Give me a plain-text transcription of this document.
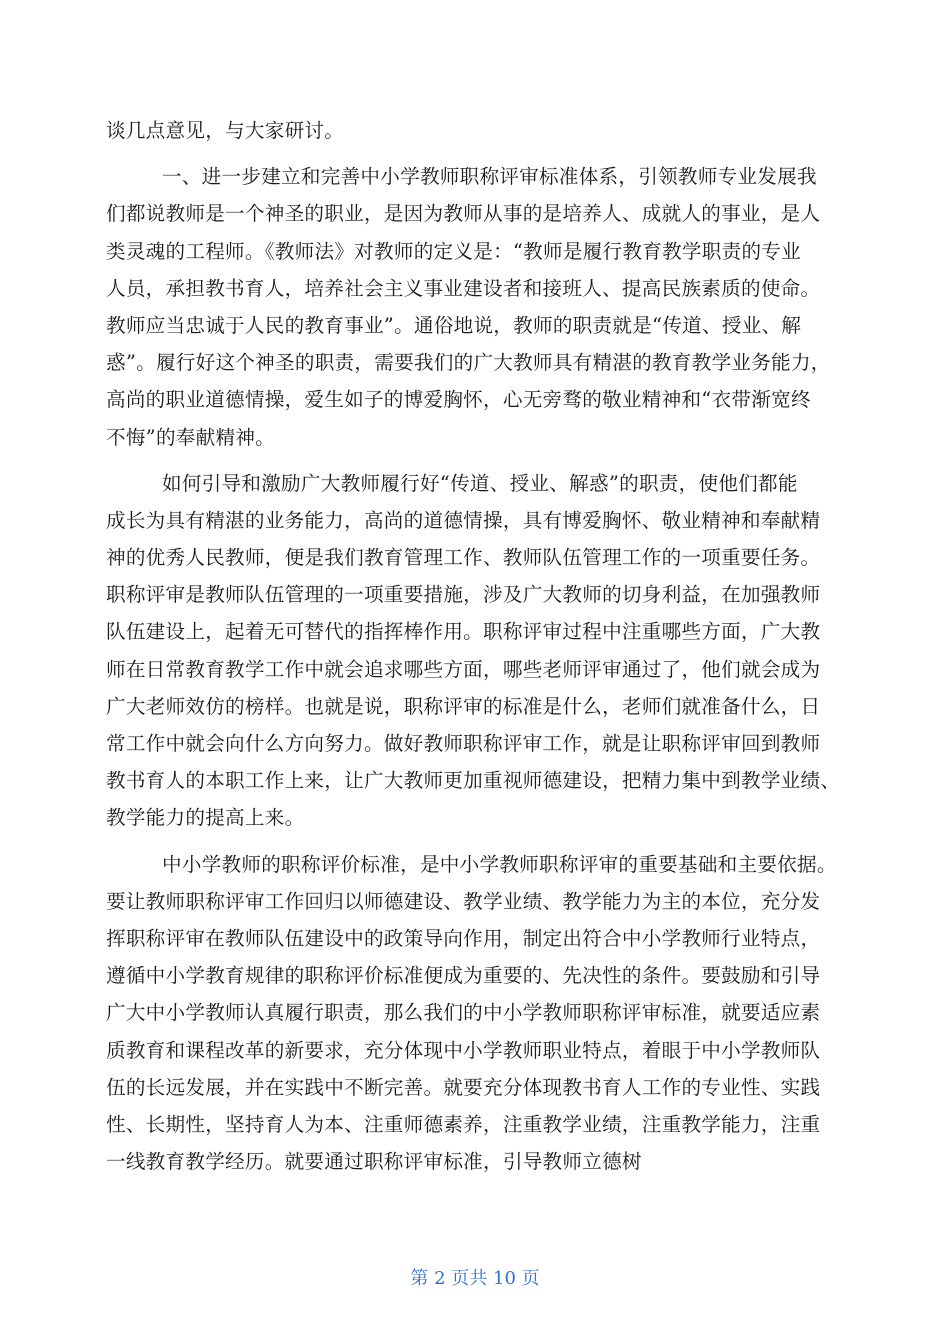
谈几点意见，与大家研讨。
一、进一步建立和完善中小学教师职称评审标准体系，引领教师专业发展我
们都说教师是一个神圣的职业，是因为教师从事的是培养人、成就人的事业，是人
类灵魂的工程师。《教师法》对教师的定义是：“教师是履行教育教学职责的专业
人员，承担教书育人，培养社会主义事业建设者和接班人、提高民族素质的使命。
教师应当忠诚于人民的教育事业”。通俗地说，教师的职责就是“传道、授业、解
惑”。履行好这个神圣的职责，需要我们的广大教师具有精湛的教育教学业务能力，
高尚的职业道德情操，爱生如子的博爱胸怀，心无旁骛的敬业精神和“衣带渐宽终
不悔”的奉献精神。
如何引导和激励广大教师履行好“传道、授业、解惑”的职责，使他们都能
成长为具有精湛的业务能力，高尚的道德情操，具有博爱胸怀、敬业精神和奉献精
神的优秀人民教师，便是我们教育管理工作、教师队伍管理工作的一项重要任务。
职称评审是教师队伍管理的一项重要措施，涉及广大教师的切身利益，在加强教师
队伍建设上，起着无可替代的指挥棒作用。职称评审过程中注重哪些方面，广大教
师在日常教育教学工作中就会追求哪些方面，哪些老师评审通过了，他们就会成为
广大老师效仿的榜样。也就是说，职称评审的标准是什么，老师们就准备什么，日
常工作中就会向什么方向努力。做好教师职称评审工作，就是让职称评审回到教师
教书育人的本职工作上来，让广大教师更加重视师德建设，把精力集中到教学业绩、
教学能力的提高上来。
中小学教师的职称评价标准，是中小学教师职称评审的重要基础和主要依据。
要让教师职称评审工作回归以师德建设、教学业绩、教学能力为主的本位，充分发
挥职称评审在教师队伍建设中的政策导向作用，制定出符合中小学教师行业特点，
遵循中小学教育规律的职称评价标准便成为重要的、先决性的条件。要鼓励和引导
广大中小学教师认真履行职责，那么我们的中小学教师职称评审标准，就要适应素
质教育和课程改革的新要求，充分体现中小学教师职业特点，着眼于中小学教师队
伍的长远发展，并在实践中不断完善。就要充分体现教书育人工作的专业性、实践
性、长期性，坚持育人为本、注重师德素养，注重教学业绩，注重教学能力，注重
一线教育教学经历。就要通过职称评审标准，引导教师立德树
第 2 页共 10 页
